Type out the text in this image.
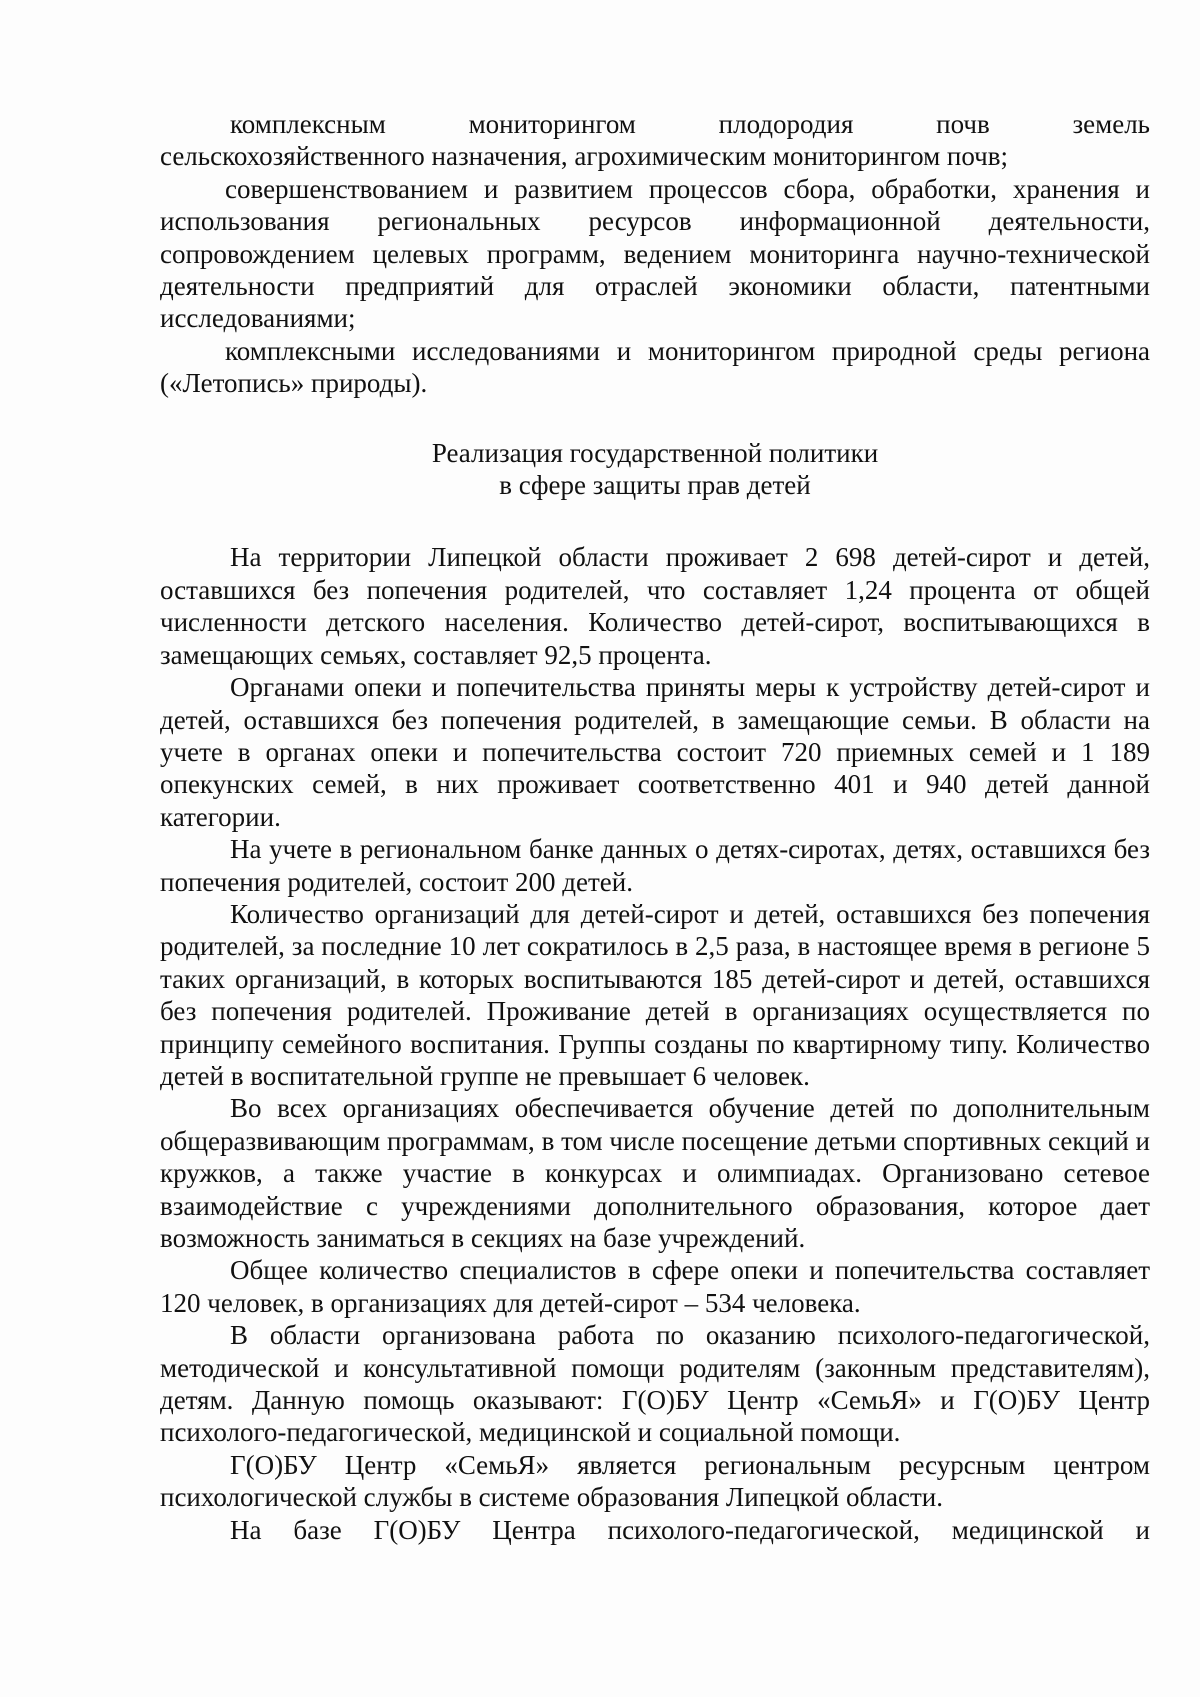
комплексным мониторингом плодородия почв земель

сельскохозяйственного назначения, агрохимическим мониторингом почв;

совершенствованием и развитием процессов сбора, обработки, хранения и использования региональных ресурсов информационной деятельности, сопровождением целевых программ, ведением мониторинга научно-технической деятельности предприятий для отраслей экономики области, патентными исследованиями;

комплексными исследованиями и мониторингом природной среды региона («Летопись» природы).

Реализация государственной политики

в сфере защиты прав детей

На территории Липецкой области проживает 2 698 детей-сирот и детей, оставшихся без попечения родителей, что составляет 1,24 процента от общей численности детского населения. Количество детей-сирот, воспитывающихся в замещающих семьях, составляет 92,5 процента.

Органами опеки и попечительства приняты меры к устройству детей-сирот и детей, оставшихся без попечения родителей, в замещающие семьи. В области на учете в органах опеки и попечительства состоит 720 приемных семей и 1 189 опекунских семей, в них проживает соответственно 401 и 940 детей данной категории.

На учете в региональном банке данных о детях-сиротах, детях, оставшихся без попечения родителей, состоит 200 детей.

Количество организаций для детей-сирот и детей, оставшихся без попечения родителей, за последние 10 лет сократилось в 2,5 раза, в настоящее время в регионе 5 таких организаций, в которых воспитываются 185 детей-сирот и детей, оставшихся без попечения родителей. Проживание детей в организациях осуществляется по принципу семейного воспитания. Группы созданы по квартирному типу. Количество детей в воспитательной группе не превышает 6 человек.

Во всех организациях обеспечивается обучение детей по дополнительным общеразвивающим программам, в том числе посещение детьми спортивных секций и кружков, а также участие в конкурсах и олимпиадах. Организовано сетевое взаимодействие с учреждениями дополнительного образования, которое дает возможность заниматься в секциях на базе учреждений.

Общее количество специалистов в сфере опеки и попечительства составляет 120 человек, в организациях для детей-сирот – 534 человека.

В области организована работа по оказанию психолого-педагогической, методической и консультативной помощи родителям (законным представителям), детям. Данную помощь оказывают: Г(О)БУ Центр «СемьЯ» и Г(О)БУ Центр психолого-педагогической, медицинской и социальной помощи.

Г(О)БУ Центр «СемьЯ» является региональным ресурсным центром психологической службы в системе образования Липецкой области.

На базе Г(О)БУ Центра психолого-педагогической, медицинской и
